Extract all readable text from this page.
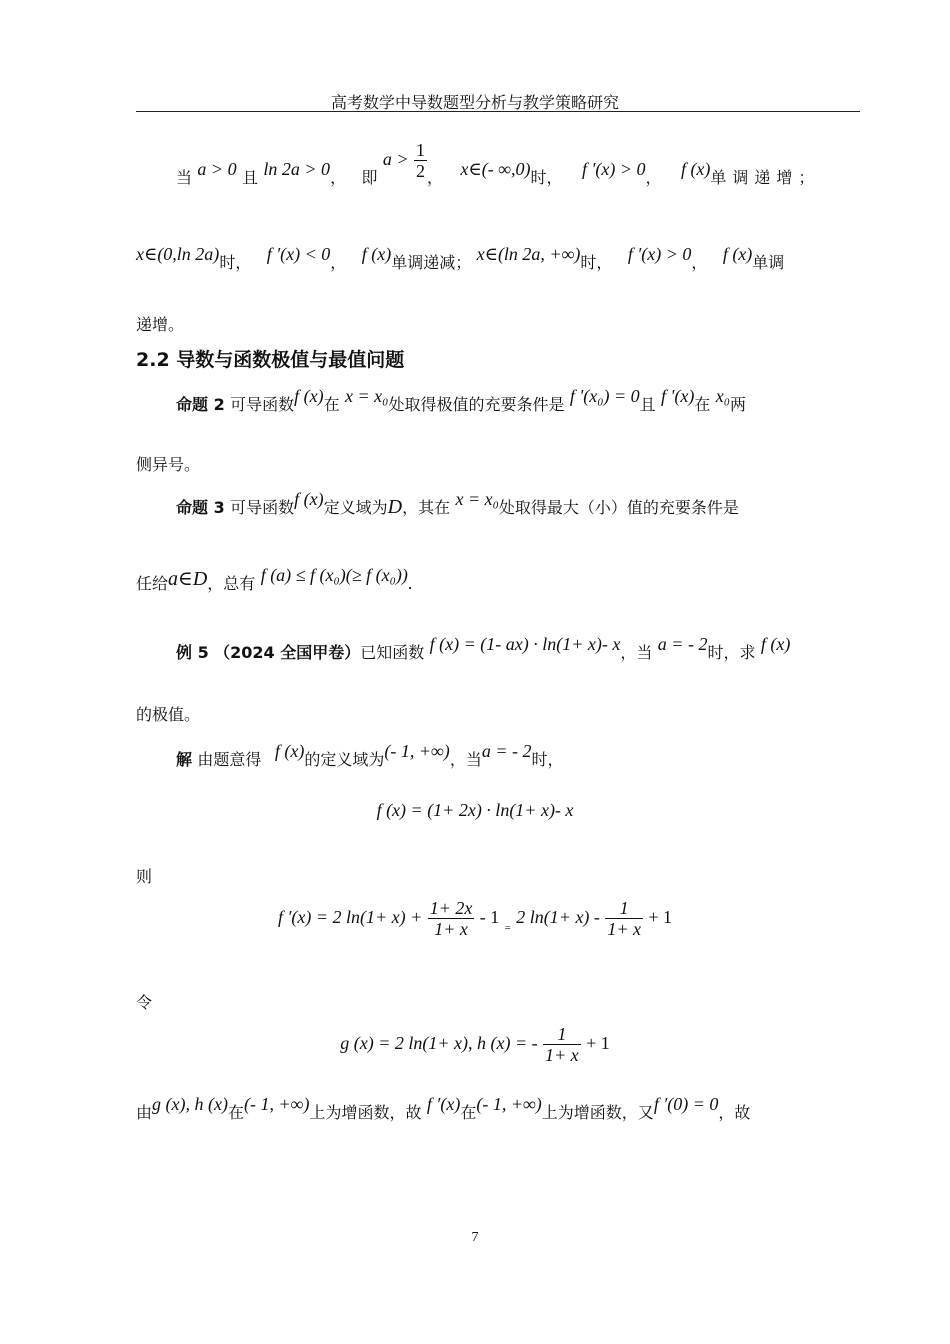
高考数学中导数题型分析与教学策略研究
当 a > 0 且 ln 2a > 0， 即 $a > \frac{1}{2}$ ， x∈(- ∞,0)时， f ′(x) > 0， f (x)单调递增；
x∈(0,ln 2a)时， f ′(x) < 0， f (x)单调递减； x∈(ln 2a, +∞)时， f ′(x) > 0， f (x)单调
递增。
2.2 导数与函数极值与最值问题
命题 2 可导函数f (x)在 x = x₀处取得极值的充要条件是 f '(x₀) = 0且 f '(x)在 x₀两
侧异号。
命题 3 可导函数f (x)定义域为D，其在 x = x₀处取得最大（小）值的充要条件是
任给a∈D，总有 f (a) ≤ f (x₀)(≥ f (x₀)).
例 5 （2024 全国甲卷）已知函数 f (x) = (1- ax) · ln(1+ x)- x，当 a = - 2时，求 f (x)
的极值。
解 由题意得 f (x)的定义域为(- 1, +∞)，当a = - 2时，
f (x) = (1+ 2x) · ln(1+ x)- x
则
f ′(x) = 2 $\ln(1+ x) + \frac{1+ 2x}{1+ x} - 1$ $_=$ 2 $\ln(1+ x) - \frac{1}{1+ x} + 1$
令
g (x) = 2 ln(1+ x), h (x) = - $\frac{1}{1+ x} + 1$
由g (x), h (x)在(- 1, +∞)上为增函数，故 f ′(x)在(- 1, +∞)上为增函数，又f ′(0) = 0，故
7
